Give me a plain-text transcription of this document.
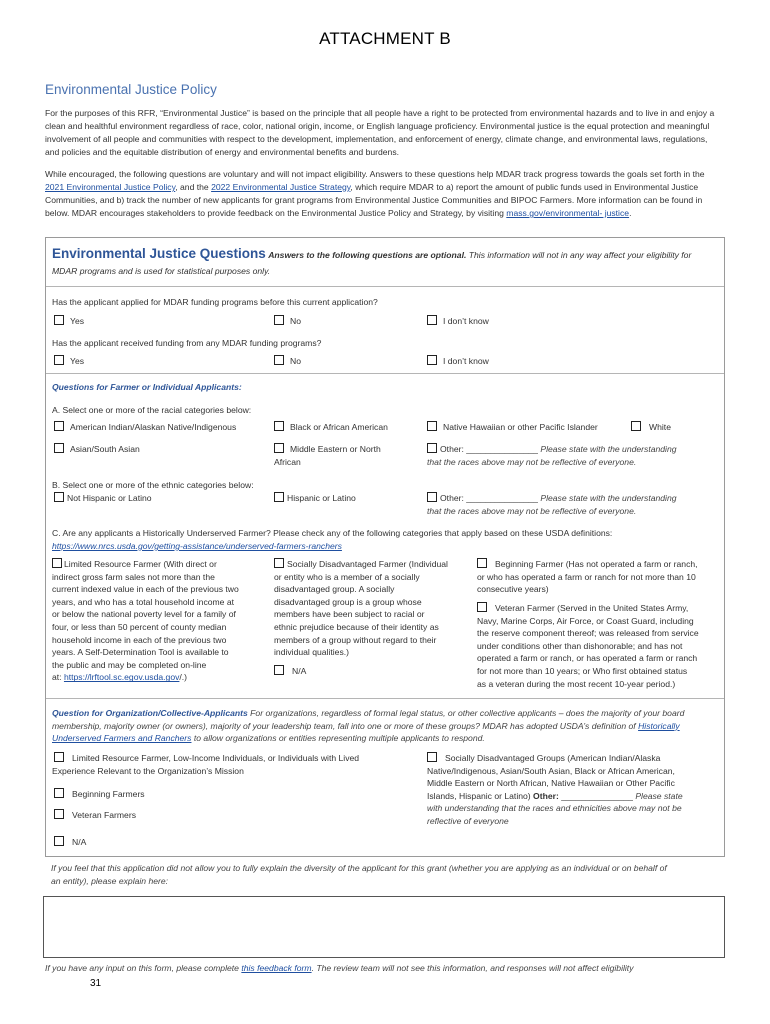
ATTACHMENT B
Environmental Justice Policy
For the purposes of this RFR, “Environmental Justice” is based on the principle that all people have a right to be protected from environmental hazards and to live in and enjoy a clean and healthful environment regardless of race, color, national origin, income, or English language proficiency. Environmental justice is the equal protection and meaningful involvement of all people and communities with respect to the development, implementation, and enforcement of energy, climate change, and environmental laws, regulations, and policies and the equitable distribution of energy and environmental benefits and burdens.
While encouraged, the following questions are voluntary and will not impact eligibility. Answers to these questions help MDAR track progress towards the goals set forth in the 2021 Environmental Justice Policy, and the 2022 Environmental Justice Strategy, which require MDAR to a) report the amount of public funds used in Environmental Justice Communities, and b) track the number of new applicants for grant programs from Environmental Justice Communities and BIPOC Farmers. More information can be found in below. MDAR encourages stakeholders to provide feedback on the Environmental Justice Policy and Strategy, by visiting mass.gov/environmental- justice.
Environmental Justice Questions Answers to the following questions are optional. This information will not in any way affect your eligibility for
MDAR programs and is used for statistical purposes only.
Has the applicant applied for MDAR funding programs before this current application?
Yes	No	I don’t know
Has the applicant received funding from any MDAR funding programs?
Yes	No	I don’t know
Questions for Farmer or Individual Applicants:
A. Select one or more of the racial categories below:
American Indian/Alaskan Native/Indigenous	Black or African American	Native Hawaiian or other Pacific Islander	White
Asian/South Asian	Middle Eastern or North
African
Other: _______________ Please state with the understanding
that the races above may not be reflective of everyone.
B. Select one or more of the ethnic categories below:
Not Hispanic or Latino	Hispanic or Latino	Other: _______________ Please state with the understanding
that the races above may not be reflective of everyone.
C. Are any applicants a Historically Underserved Farmer? Please check any of the following categories that apply based on these USDA definitions:
https://www.nrcs.usda.gov/getting-assistance/underserved-farmers-ranchers
Limited Resource Farmer (With direct or
indirect gross farm sales not more than the
current indexed value in each of the previous two
years, and who has a total household income at
or below the national poverty level for a family of
four, or less than 50 percent of county median
household income in each of the previous two
years. A Self-Determination Tool is available to
the public and may be completed on-line
at: https://lrftool.sc.egov.usda.gov/.)
Socially Disadvantaged Farmer (Individual
or entity who is a member of a socially
disadvantaged group. A socially
disadvantaged group is a group whose
members have been subject to racial or
ethnic prejudice because of their identity as
members of a group without regard to their
individual qualities.)
N/A
Beginning Farmer (Has not operated a farm or ranch,
or who has operated a farm or ranch for not more than 10
consecutive years)
Veteran Farmer (Served in the United States Army,
Navy, Marine Corps, Air Force, or Coast Guard, including
the reserve component thereof; was released from service
under conditions other than dishonorable; and has not
operated a farm or ranch, or has operated a farm or ranch
for not more than 10 years; or Who first obtained status
as a veteran during the most recent 10-year period.)
Question for Organization/Collective-Applicants For organizations, regardless of formal legal status, or other collective applicants – does the majority of your board
membership, majority owner (or owners), majority of your leadership team, fall into one or more of these groups? MDAR has adopted USDA’s definition of Historically
Underserved Farmers and Ranchers to allow organizations or entities representing multiple applicants to respond.
Limited Resource Farmer, Low-Income Individuals, or Individuals with Lived
Experience Relevant to the Organization’s Mission
Beginning Farmers
Veteran Farmers
N/A
Socially Disadvantaged Groups (American Indian/Alaska
Native/Indigenous, Asian/South Asian, Black or African American,
Middle Eastern or North African, Native Hawaiian or Other Pacific
Islands, Hispanic or Latino) Other: _______________ Please state
with understanding that the races and ethnicities above may not be
reflective of everyone
If you feel that this application did not allow you to fully explain the diversity of the applicant for this grant (whether you are applying as an individual or on behalf of
an entity), please explain here:
If you have any input on this form, please complete this feedback form. The review team will not see this information, and responses will not affect eligibility
31
